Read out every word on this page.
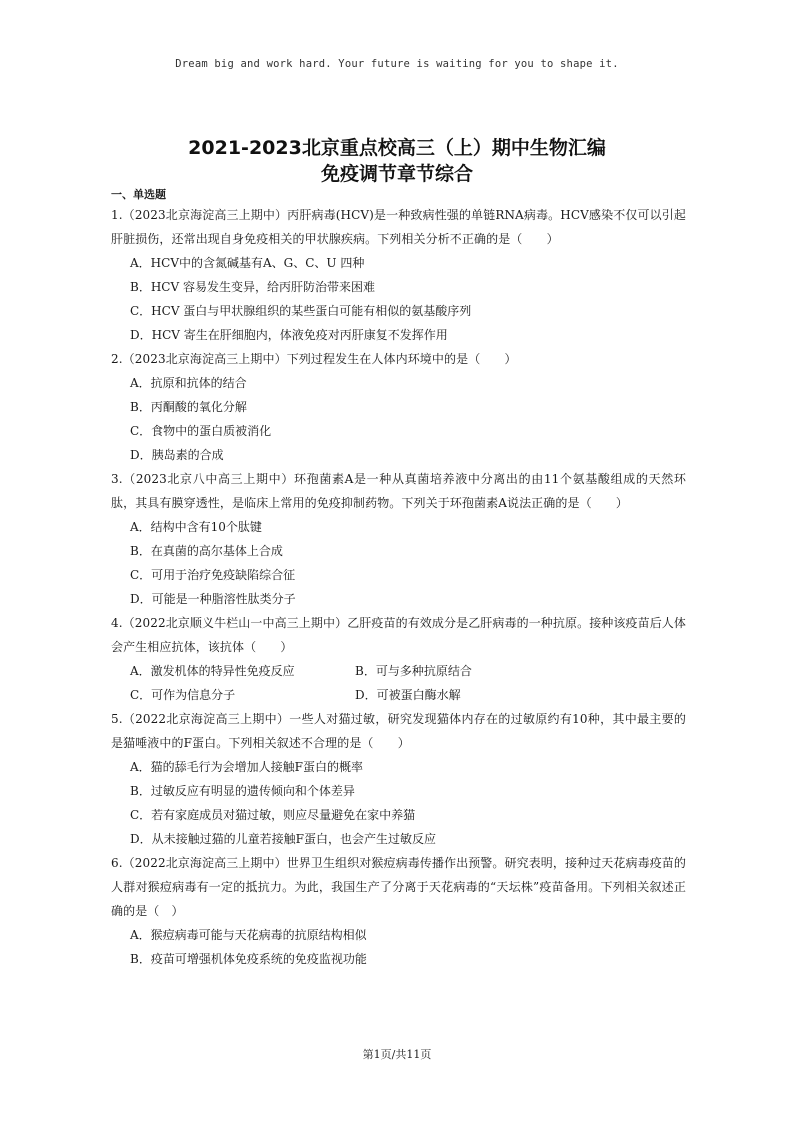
Dream big and work hard. Your future is waiting for you to shape it.
2021-2023北京重点校高三（上）期中生物汇编
免疫调节章节综合
一、单选题
1.（2023北京海淀高三上期中）丙肝病毒(HCV)是一种致病性强的单链RNA病毒。HCV感染不仅可以引起肝脏损伤，还常出现自身免疫相关的甲状腺疾病。下列相关分析不正确的是（　　）
A．HCV中的含氮碱基有A、G、C、U 四种
B．HCV 容易发生变异，给丙肝防治带来困难
C．HCV 蛋白与甲状腺组织的某些蛋白可能有相似的氨基酸序列
D．HCV 寄生在肝细胞内，体液免疫对丙肝康复不发挥作用
2.（2023北京海淀高三上期中）下列过程发生在人体内环境中的是（　　）
A．抗原和抗体的结合
B．丙酮酸的氧化分解
C．食物中的蛋白质被消化
D．胰岛素的合成
3.（2023北京八中高三上期中）环孢菌素A是一种从真菌培养液中分离出的由11个氨基酸组成的天然环肽，其具有膜穿透性，是临床上常用的免疫抑制药物。下列关于环孢菌素A说法正确的是（　　）
A．结构中含有10个肽键
B．在真菌的高尔基体上合成
C．可用于治疗免疫缺陷综合征
D．可能是一种脂溶性肽类分子
4.（2022北京顺义牛栏山一中高三上期中）乙肝疫苗的有效成分是乙肝病毒的一种抗原。接种该疫苗后人体会产生相应抗体，该抗体（　　）
A．激发机体的特异性免疫反应	B．可与多种抗原结合
C．可作为信息分子	D．可被蛋白酶水解
5.（2022北京海淀高三上期中）一些人对猫过敏，研究发现猫体内存在的过敏原约有10种，其中最主要的是猫唾液中的F蛋白。下列相关叙述不合理的是（　　）
A．猫的舔毛行为会增加人接触F蛋白的概率
B．过敏反应有明显的遗传倾向和个体差异
C．若有家庭成员对猫过敏，则应尽量避免在家中养猫
D．从未接触过猫的儿童若接触F蛋白，也会产生过敏反应
6.（2022北京海淀高三上期中）世界卫生组织对猴痘病毒传播作出预警。研究表明，接种过天花病毒疫苗的人群对猴痘病毒有一定的抵抗力。为此，我国生产了分离于天花病毒的“天坛株”疫苗备用。下列相关叙述正确的是（　）
A．猴痘病毒可能与天花病毒的抗原结构相似
B．疫苗可增强机体免疫系统的免疫监视功能
第1页/共11页
